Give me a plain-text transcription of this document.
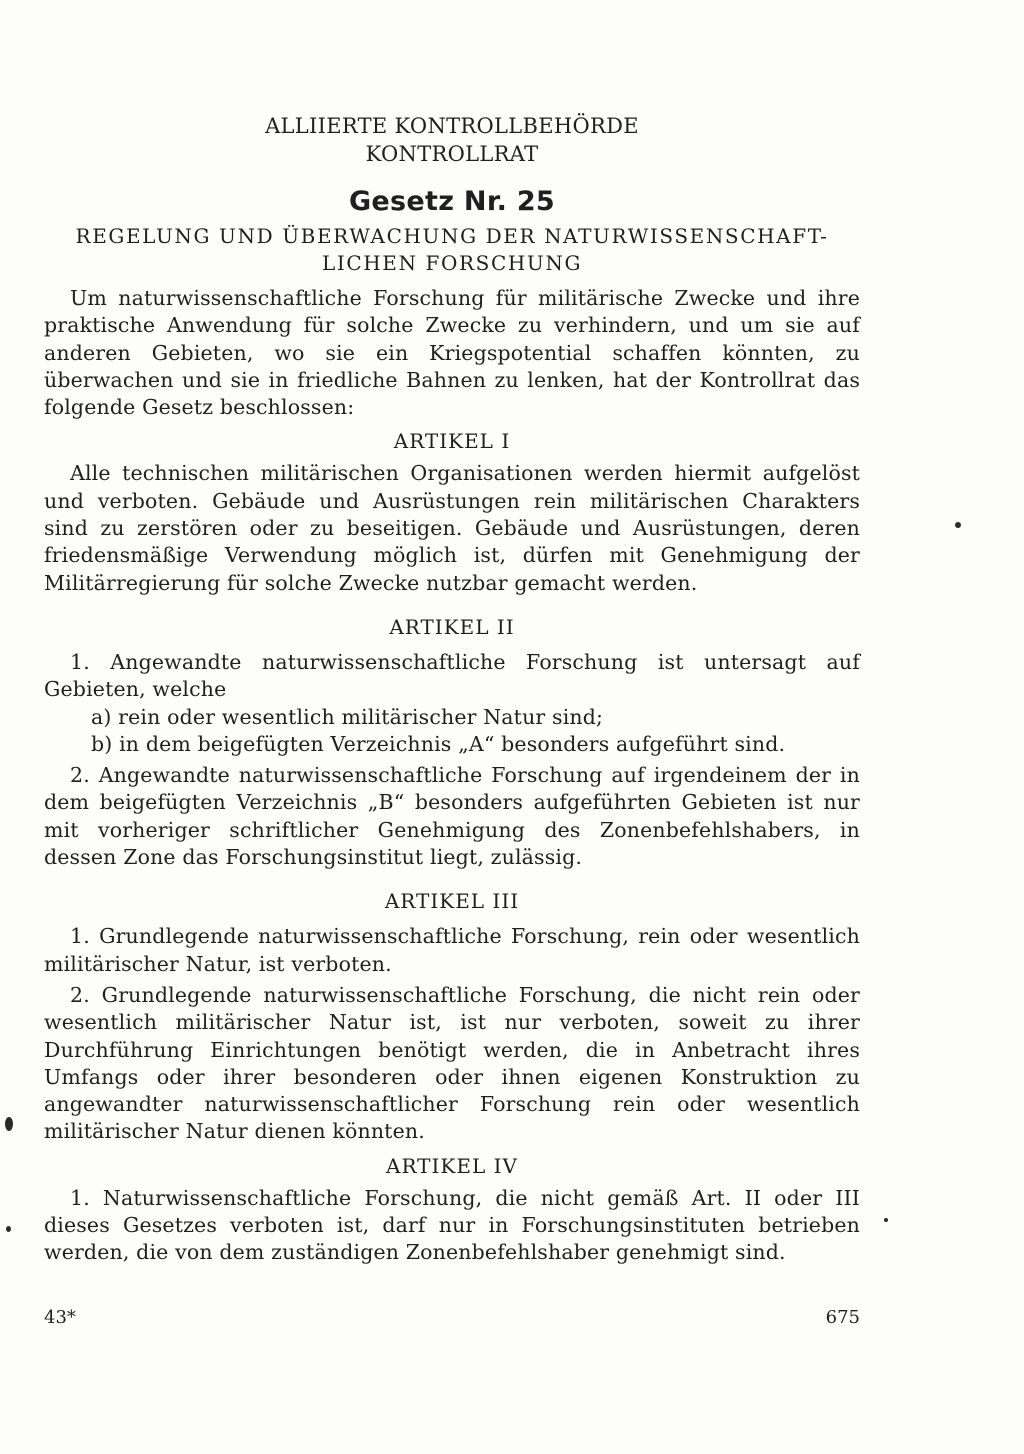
ALLIIERTE KONTROLLBEHÖRDE
KONTROLLRAT
Gesetz Nr. 25
REGELUNG UND ÜBERWACHUNG DER NATURWISSENSCHAFT-
LICHEN FORSCHUNG

Um naturwissenschaftliche Forschung für militärische Zwecke und ihre praktische Anwendung für solche Zwecke zu verhindern, und um sie auf anderen Gebieten, wo sie ein Kriegspotential schaffen könnten, zu überwachen und sie in friedliche Bahnen zu lenken, hat der Kontrollrat das folgende Gesetz beschlossen:

ARTIKEL I

Alle technischen militärischen Organisationen werden hiermit aufgelöst und verboten. Gebäude und Ausrüstungen rein militärischen Charakters sind zu zerstören oder zu beseitigen. Gebäude und Ausrüstungen, deren friedensmäßige Verwendung möglich ist, dürfen mit Genehmigung der Militärregierung für solche Zwecke nutzbar gemacht werden.

ARTIKEL II

1. Angewandte naturwissenschaftliche Forschung ist untersagt auf Gebieten, welche

a) rein oder wesentlich militärischer Natur sind;
b) in dem beigefügten Verzeichnis „A“ besonders aufgeführt sind.

2. Angewandte naturwissenschaftliche Forschung auf irgendeinem der in dem beigefügten Verzeichnis „B“ besonders aufgeführten Gebieten ist nur mit vorheriger schriftlicher Genehmigung des Zonenbefehlshabers, in dessen Zone das Forschungsinstitut liegt, zulässig.

ARTIKEL III

1. Grundlegende naturwissenschaftliche Forschung, rein oder wesentlich militärischer Natur, ist verboten.

2. Grundlegende naturwissenschaftliche Forschung, die nicht rein oder wesentlich militärischer Natur ist, ist nur verboten, soweit zu ihrer Durchführung Einrichtungen benötigt werden, die in Anbetracht ihres Umfangs oder ihrer besonderen oder ihnen eigenen Konstruktion zu angewandter naturwissenschaftlicher Forschung rein oder wesentlich militärischer Natur dienen könnten.

ARTIKEL IV

1. Naturwissenschaftliche Forschung, die nicht gemäß Art. II oder III dieses Gesetzes verboten ist, darf nur in Forschungsinstituten betrieben werden, die von dem zuständigen Zonenbefehlshaber genehmigt sind.

43*	675
